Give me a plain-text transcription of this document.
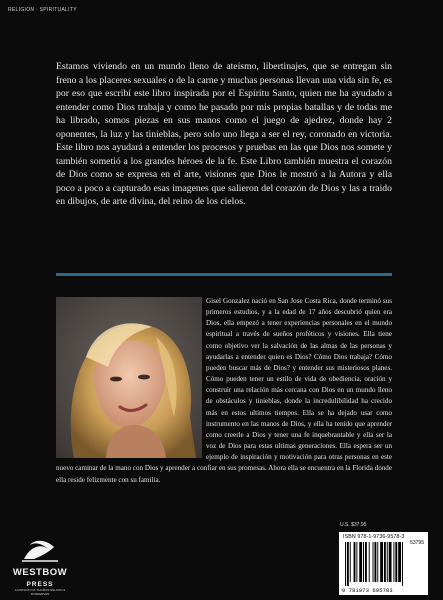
RELIGION · SPIRITUALITY

Estamos viviendo en un mundo lleno de ateísmo, libertinajes, que se entregan sin freno a los placeres sexuales o de la carne y muchas personas llevan una vida sin fe, es por eso que escribí este libro inspirada por el Espíritu Santo, quien me ha ayudado a entender como Dios trabaja y como he pasado por mis propias batallas y de todas me ha librado, somos piezas en sus manos como el juego de ajedrez, donde hay 2 oponentes, la luz y las tinieblas, pero solo uno llega a ser el rey, coronado en victoria. Este libro nos ayudará a entender los procesos y pruebas en las que Dios nos somete y también sometió a los grandes héroes de la fe. Este Libro también muestra el corazón de Dios como se expresa en el arte, visiones que Dios le mostró a la Autora y ella poco a poco a capturado esas imagenes que salieron del corazón de Dios y las a traido en dibujos, de arte divina, del reino de los cielos.

Gisel Gonzalez nació en San Jose Costa Rica, donde terminó sus primeros estudios, y a la edad de 17 años descubrió quien era Dios, ella empezó a tener experiencias personales en el mundo espiritual a través de sueños proféticos y visiones. Ella tiene como objetivo ver la salvación de las almas de las personas y ayudarlas a entender quien es Dios? Cómo Dios trabaja? Cómo pueden buscar más de Dios? y entender sus misteriosos planes. Cómo pueden tener un estilo de vida de obediencia, oración y construir una relación más cercana con Dios en un mundo lleno de obstáculos y tinieblas, donde la incredulibilidad ha crecido más en estos ultimos tiempos. Ella se ha dejado usar como instrumento en las manos de Dios, y ella ha tenido que aprender como creerle a Dios y tener una fe inquebrantable y ella ser la voz de Dios para estas ultimas generaciones. Ella espera ser un ejemplo de inspiración y motivación para otras personas en este nuevo caminar de la mano con Dios y aprender a confiar en sus promesas. Ahora ella se encuentra en la Florida donde ella reside felizmente con su familia.

WESTBOW
PRESS
A DIVISION OF THOMAS NELSON & ZONDERVAN
U.S. $37.95
ISBN 978-1-9736-9578-3
53795
9 781973 695783
